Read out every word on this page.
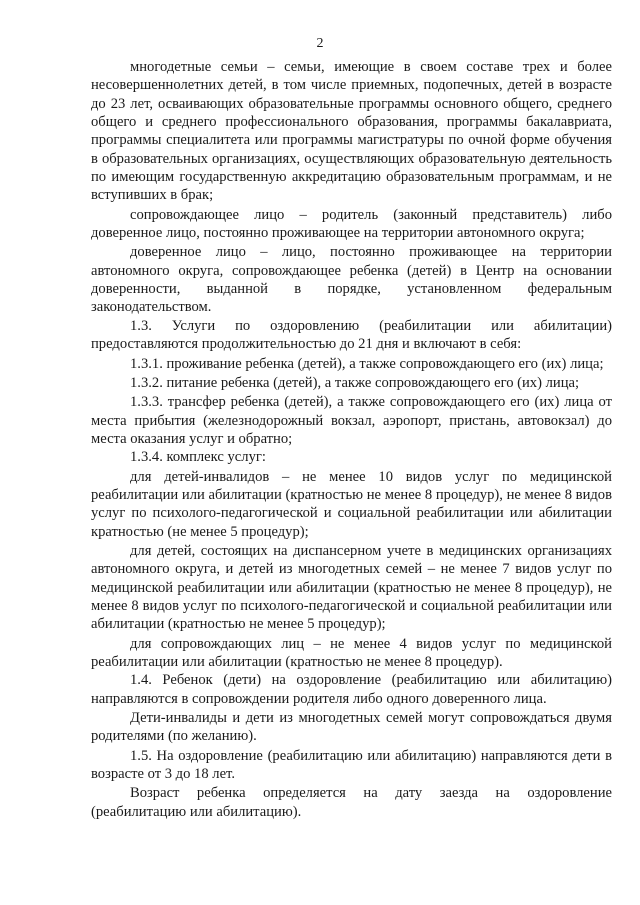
2

многодетные семьи – семьи, имеющие в своем составе трех и более несовершеннолетних детей, в том числе приемных, подопечных, детей в возрасте до 23 лет, осваивающих образовательные программы основного общего, среднего общего и среднего профессионального образования, программы бакалавриата, программы специалитета или программы магистратуры по очной форме обучения в образовательных организациях, осуществляющих образовательную деятельность по имеющим государственную аккредитацию образовательным программам, и не вступивших в брак;

сопровождающее лицо – родитель (законный представитель) либо доверенное лицо, постоянно проживающее на территории автономного округа;

доверенное лицо – лицо, постоянно проживающее на территории автономного округа, сопровождающее ребенка (детей) в Центр на основании доверенности, выданной в порядке, установленном федеральным законодательством.

1.3. Услуги по оздоровлению (реабилитации или абилитации) предоставляются продолжительностью до 21 дня и включают в себя:

1.3.1. проживание ребенка (детей), а также сопровождающего его (их) лица;

1.3.2. питание ребенка (детей), а также сопровождающего его (их) лица;

1.3.3. трансфер ребенка (детей), а также сопровождающего его (их) лица от места прибытия (железнодорожный вокзал, аэропорт, пристань, автовокзал) до места оказания услуг и обратно;

1.3.4. комплекс услуг:

для детей-инвалидов – не менее 10 видов услуг по медицинской реабилитации или абилитации (кратностью не менее 8 процедур), не менее 8 видов услуг по психолого-педагогической и социальной реабилитации или абилитации кратностью (не менее 5 процедур);

для детей, состоящих на диспансерном учете в медицинских организациях автономного округа, и детей из многодетных семей – не менее 7 видов услуг по медицинской реабилитации или абилитации (кратностью не менее 8 процедур), не менее 8 видов услуг по психолого-педагогической и социальной реабилитации или абилитации (кратностью не менее 5 процедур);

для сопровождающих лиц – не менее 4 видов услуг по медицинской реабилитации или абилитации (кратностью не менее 8 процедур).

1.4. Ребенок (дети) на оздоровление (реабилитацию или абилитацию) направляются в сопровождении родителя либо одного доверенного лица.

Дети-инвалиды и дети из многодетных семей могут сопровождаться двумя родителями (по желанию).

1.5. На оздоровление (реабилитацию или абилитацию) направляются дети в возрасте от 3 до 18 лет.

Возраст ребенка определяется на дату заезда на оздоровление (реабилитацию или абилитацию).
